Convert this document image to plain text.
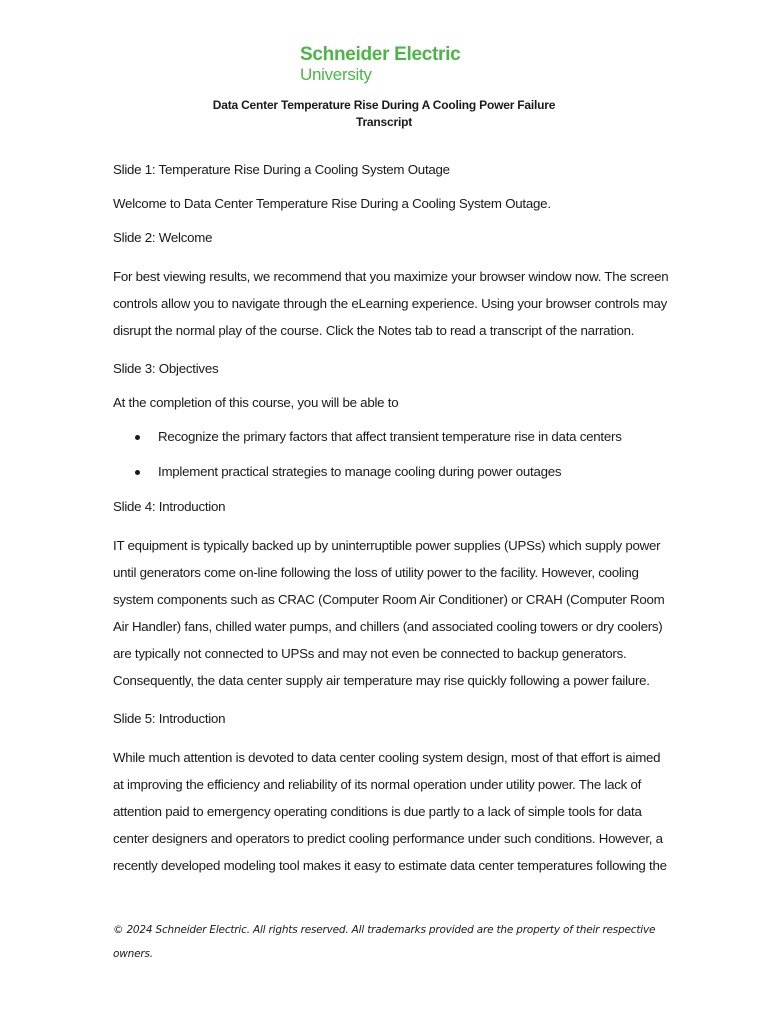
Schneider Electric
University
Data Center Temperature Rise During A Cooling Power Failure
Transcript
Slide 1: Temperature Rise During a Cooling System Outage
Welcome to Data Center Temperature Rise During a Cooling System Outage.
Slide 2: Welcome
For best viewing results, we recommend that you maximize your browser window now. The screen
controls allow you to navigate through the eLearning experience. Using your browser controls may
disrupt the normal play of the course. Click the Notes tab to read a transcript of the narration.
Slide 3: Objectives
At the completion of this course, you will be able to
Recognize the primary factors that affect transient temperature rise in data centers
Implement practical strategies to manage cooling during power outages
Slide 4: Introduction
IT equipment is typically backed up by uninterruptible power supplies (UPSs) which supply power
until generators come on-line following the loss of utility power to the facility. However, cooling
system components such as CRAC (Computer Room Air Conditioner) or CRAH (Computer Room
Air Handler) fans, chilled water pumps, and chillers (and associated cooling towers or dry coolers)
are typically not connected to UPSs and may not even be connected to backup generators.
Consequently, the data center supply air temperature may rise quickly following a power failure.
Slide 5: Introduction
While much attention is devoted to data center cooling system design, most of that effort is aimed
at improving the efficiency and reliability of its normal operation under utility power. The lack of
attention paid to emergency operating conditions is due partly to a lack of simple tools for data
center designers and operators to predict cooling performance under such conditions. However, a
recently developed modeling tool makes it easy to estimate data center temperatures following the
© 2024 Schneider Electric. All rights reserved. All trademarks provided are the property of their respective
owners.
